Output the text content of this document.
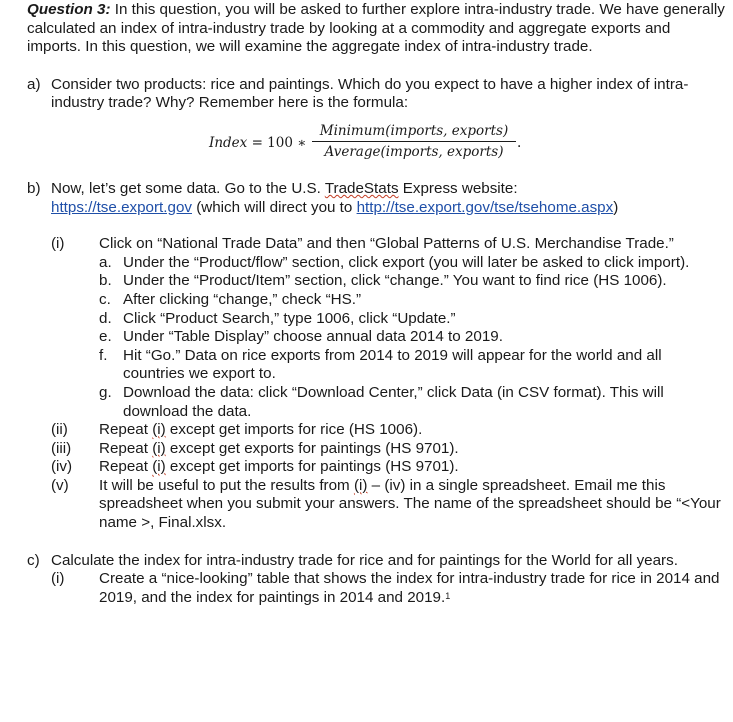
Question 3: In this question, you will be asked to further explore intra-industry trade. We have generally calculated an index of intra-industry trade by looking at a commodity and aggregate exports and imports. In this question, we will examine the aggregate index of intra-industry trade.
a) Consider two products: rice and paintings. Which do you expect to have a higher index of intra-industry trade? Why? Remember here is the formula:
Index = 100 ∗
Minimum(imports, exports)
Average(imports, exports)
.
b) Now, let’s get some data. Go to the U.S. TradeStats Express website:
https://tse.export.gov (which will direct you to http://tse.export.gov/tse/tsehome.aspx)
(i) Click on “National Trade Data” and then “Global Patterns of U.S. Merchandise Trade.”
a. Under the “Product/flow” section, click export (you will later be asked to click import).
b. Under the “Product/Item” section, click “change.” You want to find rice (HS 1006).
c. After clicking “change,” check “HS.”
d. Click “Product Search,” type 1006, click “Update.”
e. Under “Table Display” choose annual data 2014 to 2019.
f. Hit “Go.” Data on rice exports from 2014 to 2019 will appear for the world and all countries we export to.
g. Download the data: click “Download Center,” click Data (in CSV format). This will download the data.
(ii) Repeat (i) except get imports for rice (HS 1006).
(iii) Repeat (i) except get exports for paintings (HS 9701).
(iv) Repeat (i) except get imports for paintings (HS 9701).
(v) It will be useful to put the results from (i) – (iv) in a single spreadsheet. Email me this spreadsheet when you submit your answers. The name of the spreadsheet should be “<Your name >, Final.xlsx.
c) Calculate the index for intra-industry trade for rice and for paintings for the World for all years.
(i) Create a “nice-looking” table that shows the index for intra-industry trade for rice in 2014 and 2019, and the index for paintings in 2014 and 2019.$^1$
